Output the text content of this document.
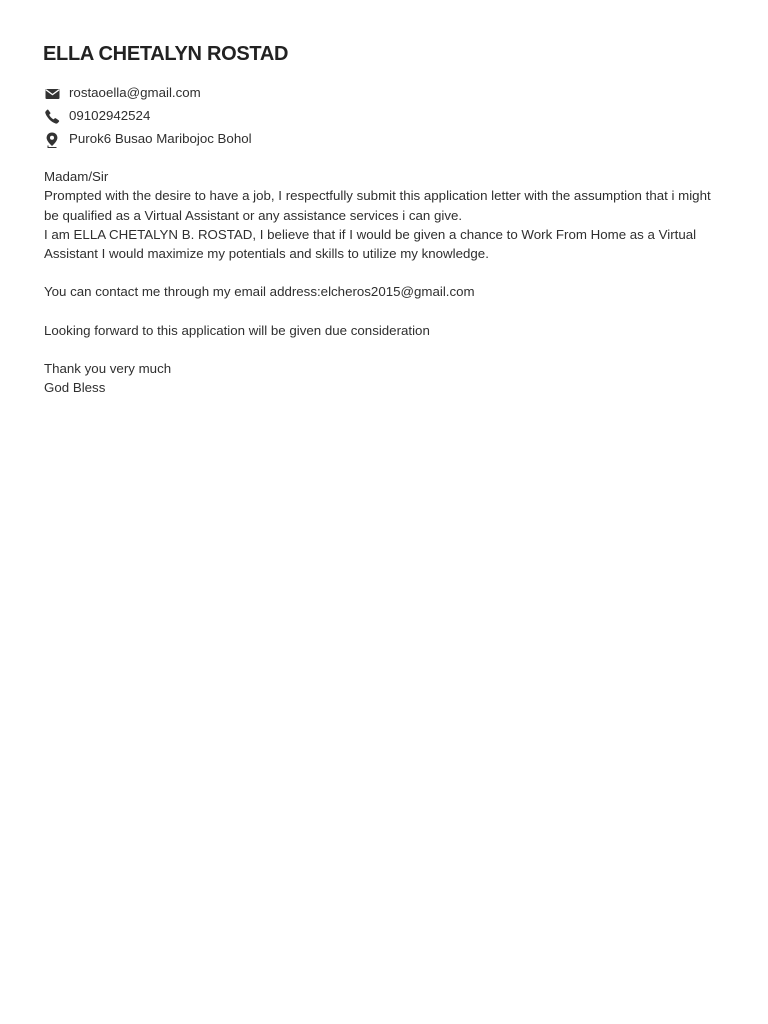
ELLA CHETALYN ROSTAD
rostaoella@gmail.com
09102942524
Purok6 Busao Maribojoc Bohol

Madam/Sir

Prompted with the desire to have a job, I respectfully submit this application letter with the assumption that i might be qualified as a Virtual Assistant or any assistance services i can give.

I am ELLA CHETALYN B. ROSTAD, I believe that if I would be given a chance to Work From Home as a Virtual Assistant I would maximize my potentials and skills to utilize my knowledge.

You can contact me through my email address:elcheros2015@gmail.com

Looking forward to this application will be given due consideration

Thank you very much

God Bless
